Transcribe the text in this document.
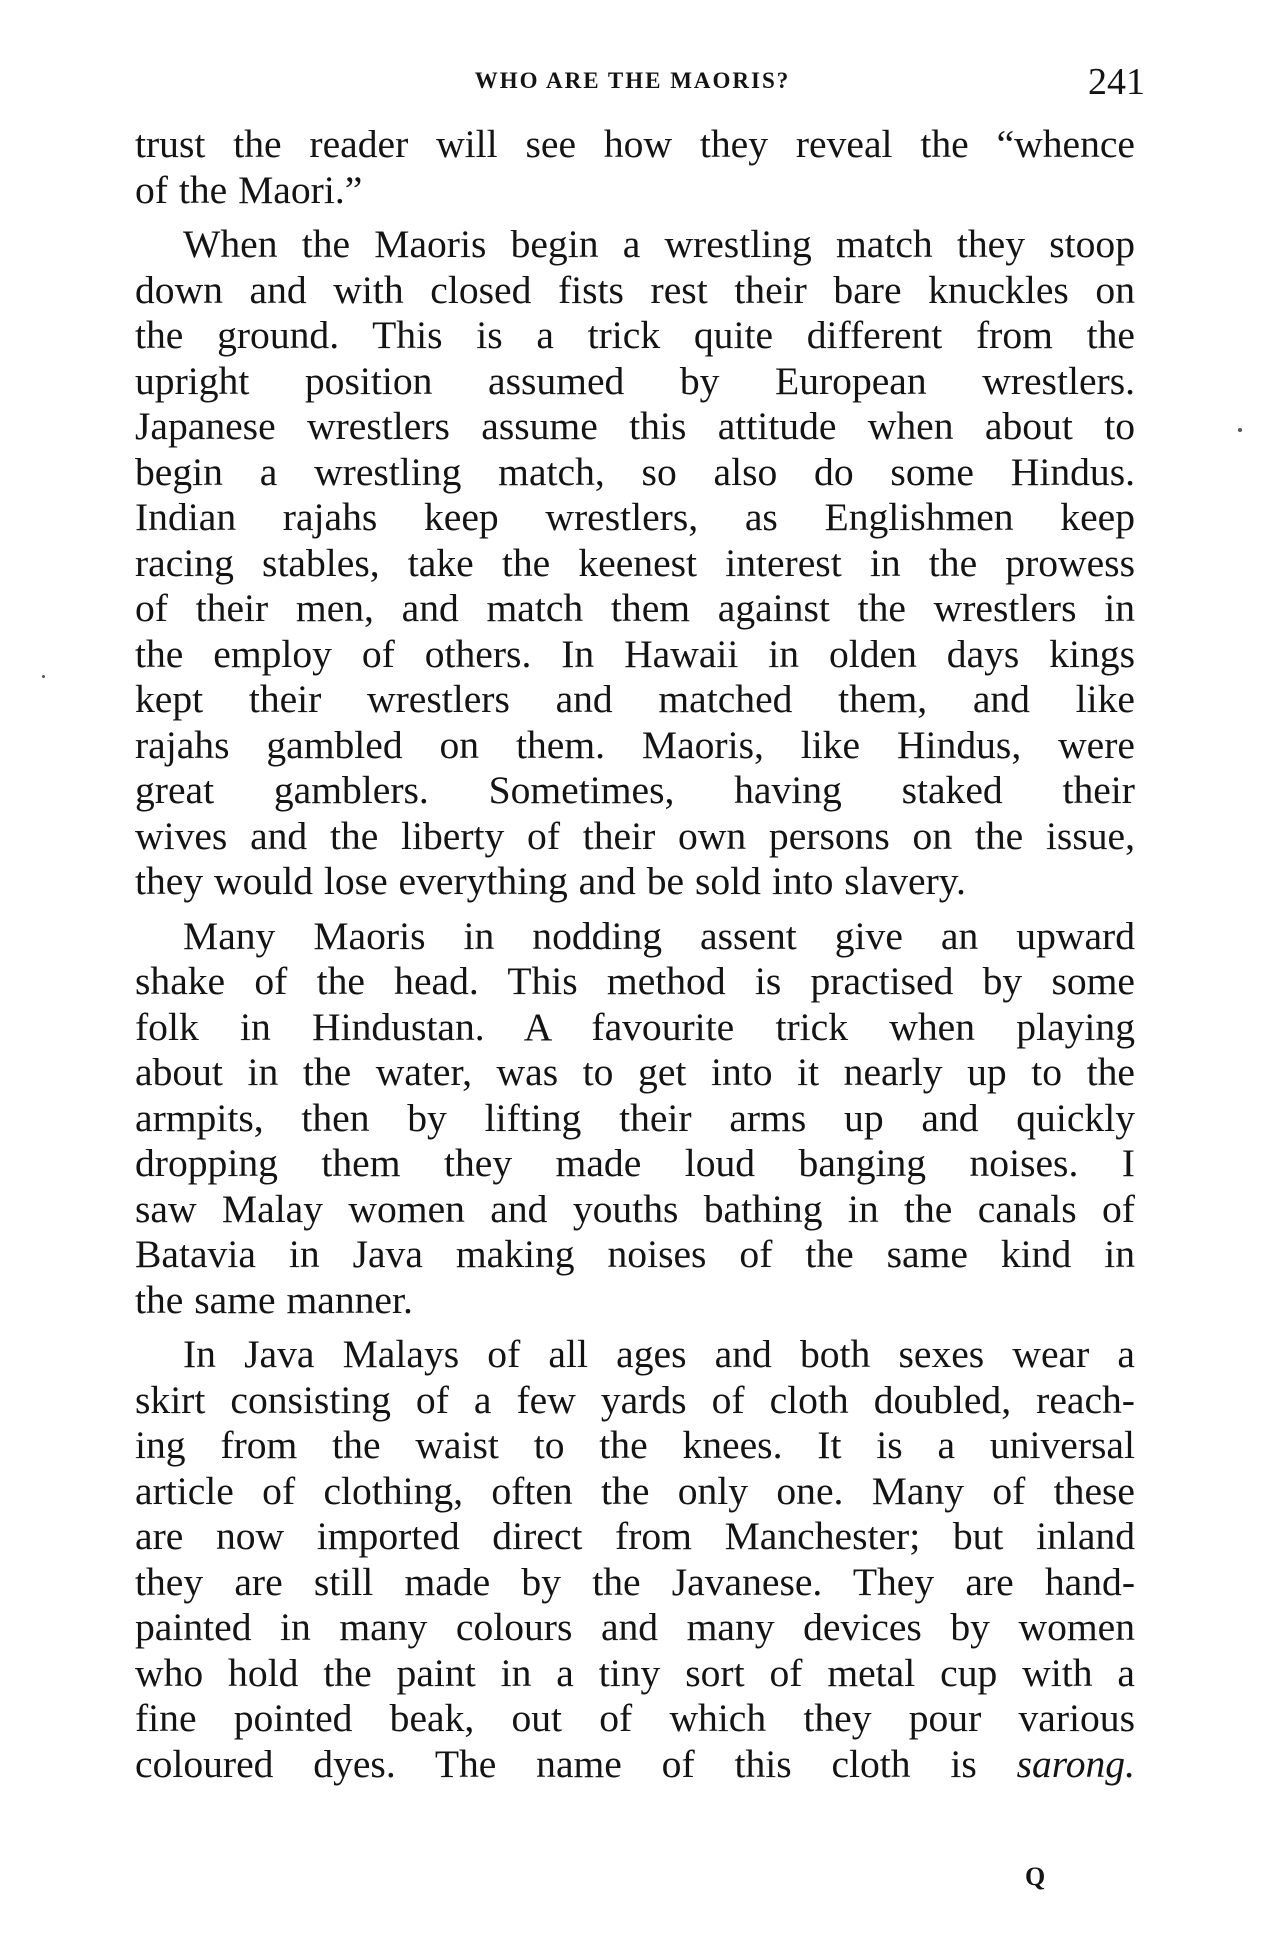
WHO ARE THE MAORIS?	241

trust the reader will see how they reveal the “whence
of the Maori.”

When the Maoris begin a wrestling match they stoop
down and with closed fists rest their bare knuckles on
the ground. This is a trick quite different from the
upright position assumed by European wrestlers.
Japanese wrestlers assume this attitude when about to
begin a wrestling match, so also do some Hindus.
Indian rajahs keep wrestlers, as Englishmen keep
racing stables, take the keenest interest in the prowess
of their men, and match them against the wrestlers in
the employ of others. In Hawaii in olden days kings
kept their wrestlers and matched them, and like
rajahs gambled on them. Maoris, like Hindus, were
great gamblers. Sometimes, having staked their
wives and the liberty of their own persons on the issue,
they would lose everything and be sold into slavery.

Many Maoris in nodding assent give an upward
shake of the head. This method is practised by some
folk in Hindustan. A favourite trick when playing
about in the water, was to get into it nearly up to the
armpits, then by lifting their arms up and quickly
dropping them they made loud banging noises. I
saw Malay women and youths bathing in the canals of
Batavia in Java making noises of the same kind in
the same manner.

In Java Malays of all ages and both sexes wear a
skirt consisting of a few yards of cloth doubled, reach-
ing from the waist to the knees. It is a universal
article of clothing, often the only one. Many of these
are now imported direct from Manchester; but inland
they are still made by the Javanese. They are hand-
painted in many colours and many devices by women
who hold the paint in a tiny sort of metal cup with a
fine pointed beak, out of which they pour various
coloured dyes. The name of this cloth is sarong.

Q
